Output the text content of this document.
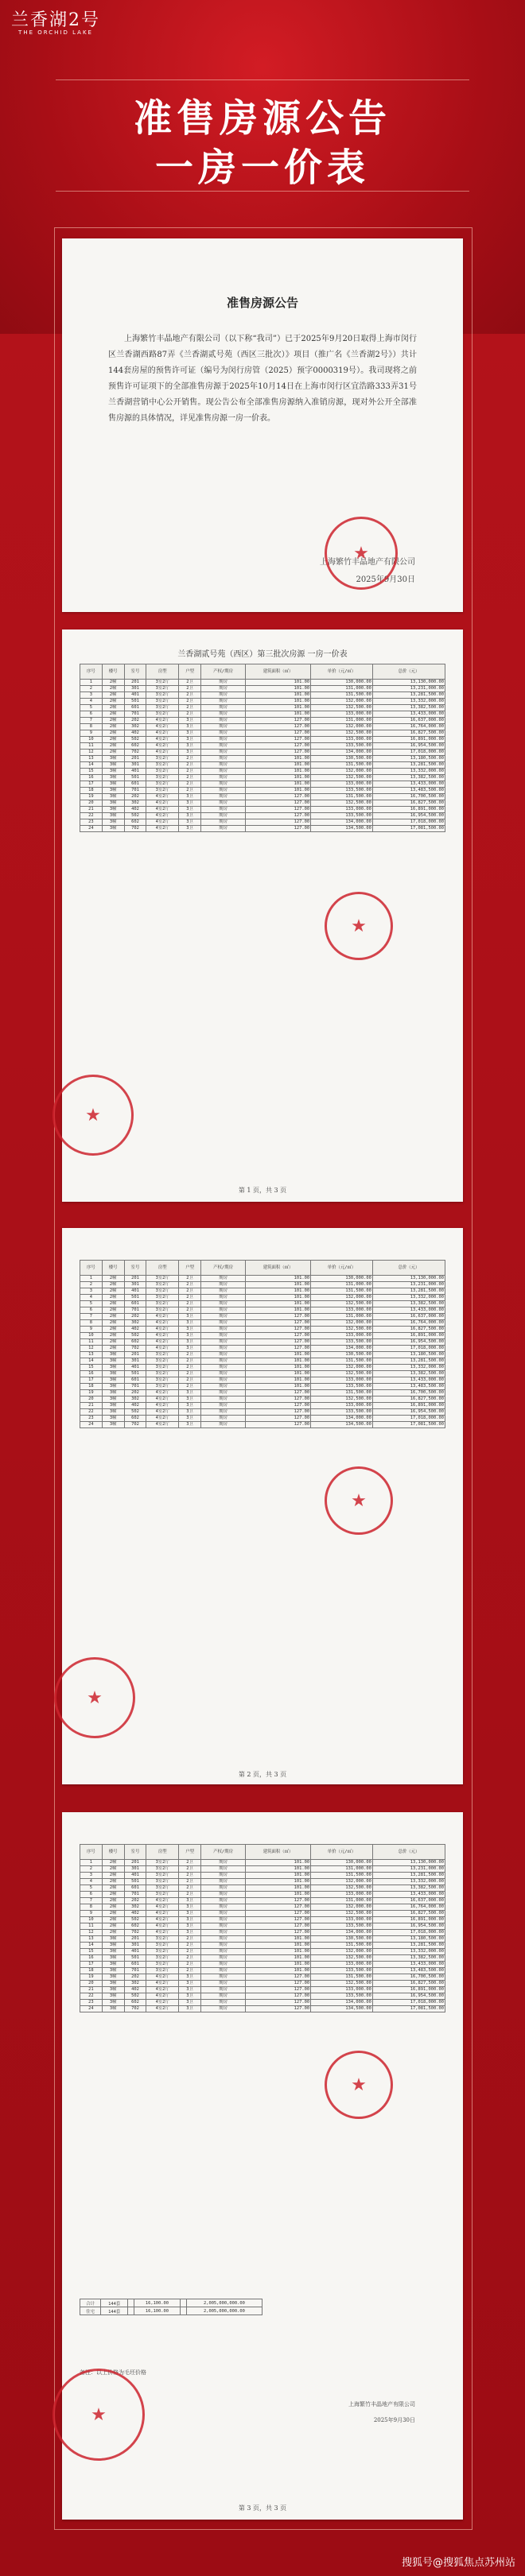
兰香湖2号
THE ORCHID LAKE
准售房源公告
一房一价表
准售房源公告
上海繁竹丰晶地产有限公司（以下称“我司”）已于2025年9月20日取得上海市闵行区兰香湖西路87弄《兰香湖贰号苑（西区三批次）》项目（推广名《兰香湖2号》）共计144套房屋的预售许可证（编号为闵行房管（2025）预字0000319号）。我司现将之前预售许可证项下的全部准售房源于2025年10月14日在上海市闵行区宜浩路333弄31号兰香湖营销中心公开销售。现公告公布全部准售房源纳入准销房源，现对外公开全部准售房源的具体情况，详见准售房源一房一价表。
上海繁竹丰晶地产有限公司
2025年9月30日
★
兰香湖贰号苑（西区）第三批次房源 一房一价表
序号	楼号	室号	房型	户型	产权/期房	建筑面积（㎡）	单价（元/㎡）	总价（元）
1	2幢	201	3室2厅	2卫	期房	101.00	130,000.00	13,130,000.00
2	2幢	301	3室2厅	2卫	期房	101.00	131,000.00	13,231,000.00
3	2幢	401	3室2厅	2卫	期房	101.00	131,500.00	13,281,500.00
4	2幢	501	3室2厅	2卫	期房	101.00	132,000.00	13,332,000.00
5	2幢	601	3室2厅	2卫	期房	101.00	132,500.00	13,382,500.00
6	2幢	701	3室2厅	2卫	期房	101.00	133,000.00	13,433,000.00
7	2幢	202	4室2厅	3卫	期房	127.00	131,000.00	16,637,000.00
8	2幢	302	4室2厅	3卫	期房	127.00	132,000.00	16,764,000.00
9	2幢	402	4室2厅	3卫	期房	127.00	132,500.00	16,827,500.00
10	2幢	502	4室2厅	3卫	期房	127.00	133,000.00	16,891,000.00
11	2幢	602	4室2厅	3卫	期房	127.00	133,500.00	16,954,500.00
12	2幢	702	4室2厅	3卫	期房	127.00	134,000.00	17,018,000.00
13	3幢	201	3室2厅	2卫	期房	101.00	130,500.00	13,180,500.00
14	3幢	301	3室2厅	2卫	期房	101.00	131,500.00	13,281,500.00
15	3幢	401	3室2厅	2卫	期房	101.00	132,000.00	13,332,000.00
16	3幢	501	3室2厅	2卫	期房	101.00	132,500.00	13,382,500.00
17	3幢	601	3室2厅	2卫	期房	101.00	133,000.00	13,433,000.00
18	3幢	701	3室2厅	2卫	期房	101.00	133,500.00	13,483,500.00
19	3幢	202	4室2厅	3卫	期房	127.00	131,500.00	16,700,500.00
20	3幢	302	4室2厅	3卫	期房	127.00	132,500.00	16,827,500.00
21	3幢	402	4室2厅	3卫	期房	127.00	133,000.00	16,891,000.00
22	3幢	502	4室2厅	3卫	期房	127.00	133,500.00	16,954,500.00
23	3幢	602	4室2厅	3卫	期房	127.00	134,000.00	17,018,000.00
24	3幢	702	4室2厅	3卫	期房	127.00	134,500.00	17,081,500.00
★
★
第 1 页，共 3 页
序号	楼号	室号	房型	户型	产权/期房	建筑面积（㎡）	单价（元/㎡）	总价（元）
1	2幢	201	3室2厅	2卫	期房	101.00	130,000.00	13,130,000.00
2	2幢	301	3室2厅	2卫	期房	101.00	131,000.00	13,231,000.00
3	2幢	401	3室2厅	2卫	期房	101.00	131,500.00	13,281,500.00
4	2幢	501	3室2厅	2卫	期房	101.00	132,000.00	13,332,000.00
5	2幢	601	3室2厅	2卫	期房	101.00	132,500.00	13,382,500.00
6	2幢	701	3室2厅	2卫	期房	101.00	133,000.00	13,433,000.00
7	2幢	202	4室2厅	3卫	期房	127.00	131,000.00	16,637,000.00
8	2幢	302	4室2厅	3卫	期房	127.00	132,000.00	16,764,000.00
9	2幢	402	4室2厅	3卫	期房	127.00	132,500.00	16,827,500.00
10	2幢	502	4室2厅	3卫	期房	127.00	133,000.00	16,891,000.00
11	2幢	602	4室2厅	3卫	期房	127.00	133,500.00	16,954,500.00
12	2幢	702	4室2厅	3卫	期房	127.00	134,000.00	17,018,000.00
13	3幢	201	3室2厅	2卫	期房	101.00	130,500.00	13,180,500.00
14	3幢	301	3室2厅	2卫	期房	101.00	131,500.00	13,281,500.00
15	3幢	401	3室2厅	2卫	期房	101.00	132,000.00	13,332,000.00
16	3幢	501	3室2厅	2卫	期房	101.00	132,500.00	13,382,500.00
17	3幢	601	3室2厅	2卫	期房	101.00	133,000.00	13,433,000.00
18	3幢	701	3室2厅	2卫	期房	101.00	133,500.00	13,483,500.00
19	3幢	202	4室2厅	3卫	期房	127.00	131,500.00	16,700,500.00
20	3幢	302	4室2厅	3卫	期房	127.00	132,500.00	16,827,500.00
21	3幢	402	4室2厅	3卫	期房	127.00	133,000.00	16,891,000.00
22	3幢	502	4室2厅	3卫	期房	127.00	133,500.00	16,954,500.00
23	3幢	602	4室2厅	3卫	期房	127.00	134,000.00	17,018,000.00
24	3幢	702	4室2厅	3卫	期房	127.00	134,500.00	17,081,500.00
★
★
第 2 页，共 3 页
序号	楼号	室号	房型	户型	产权/期房	建筑面积（㎡）	单价（元/㎡）	总价（元）
1	2幢	201	3室2厅	2卫	期房	101.00	130,000.00	13,130,000.00
2	2幢	301	3室2厅	2卫	期房	101.00	131,000.00	13,231,000.00
3	2幢	401	3室2厅	2卫	期房	101.00	131,500.00	13,281,500.00
4	2幢	501	3室2厅	2卫	期房	101.00	132,000.00	13,332,000.00
5	2幢	601	3室2厅	2卫	期房	101.00	132,500.00	13,382,500.00
6	2幢	701	3室2厅	2卫	期房	101.00	133,000.00	13,433,000.00
7	2幢	202	4室2厅	3卫	期房	127.00	131,000.00	16,637,000.00
8	2幢	302	4室2厅	3卫	期房	127.00	132,000.00	16,764,000.00
9	2幢	402	4室2厅	3卫	期房	127.00	132,500.00	16,827,500.00
10	2幢	502	4室2厅	3卫	期房	127.00	133,000.00	16,891,000.00
11	2幢	602	4室2厅	3卫	期房	127.00	133,500.00	16,954,500.00
12	2幢	702	4室2厅	3卫	期房	127.00	134,000.00	17,018,000.00
13	3幢	201	3室2厅	2卫	期房	101.00	130,500.00	13,180,500.00
14	3幢	301	3室2厅	2卫	期房	101.00	131,500.00	13,281,500.00
15	3幢	401	3室2厅	2卫	期房	101.00	132,000.00	13,332,000.00
16	3幢	501	3室2厅	2卫	期房	101.00	132,500.00	13,382,500.00
17	3幢	601	3室2厅	2卫	期房	101.00	133,000.00	13,433,000.00
18	3幢	701	3室2厅	2卫	期房	101.00	133,500.00	13,483,500.00
19	3幢	202	4室2厅	3卫	期房	127.00	131,500.00	16,700,500.00
20	3幢	302	4室2厅	3卫	期房	127.00	132,500.00	16,827,500.00
21	3幢	402	4室2厅	3卫	期房	127.00	133,000.00	16,891,000.00
22	3幢	502	4室2厅	3卫	期房	127.00	133,500.00	16,954,500.00
23	3幢	602	4室2厅	3卫	期房	127.00	134,000.00	17,018,000.00
24	3幢	702	4室2厅	3卫	期房	127.00	134,500.00	17,081,500.00
合计	144套		16,100.00		2,005,000,000.00
住宅	144套		16,100.00		2,005,000,000.00
备注：以上价格为毛坯价格
上海繁竹丰晶地产有限公司
2025年9月30日
★
★
第 3 页，共 3 页
搜狐号@搜狐焦点苏州站
